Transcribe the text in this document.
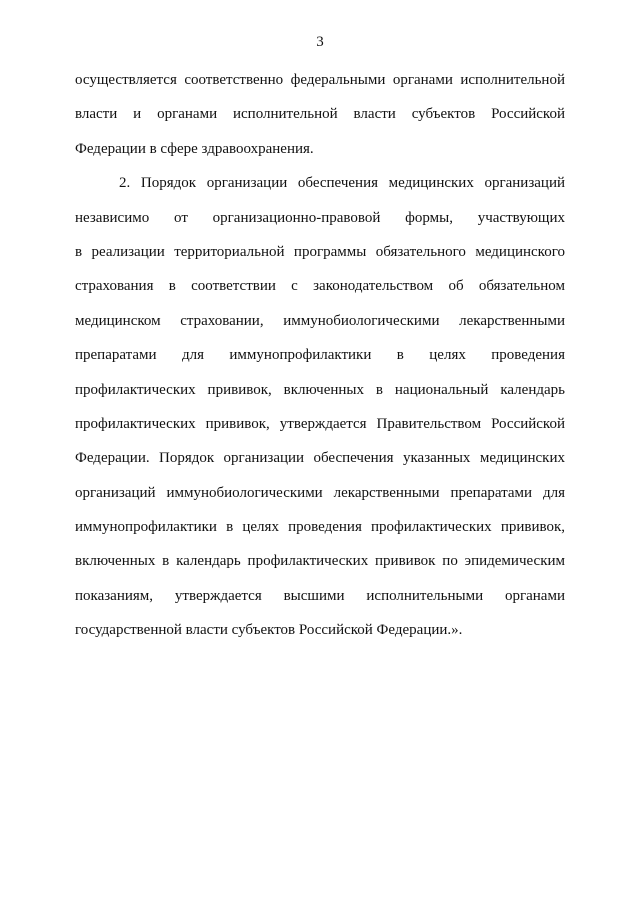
3
осуществляется соответственно федеральными органами исполнительной
власти и органами исполнительной власти субъектов Российской
Федерации в сфере здравоохранения.
2. Порядок организации обеспечения медицинских организаций
независимо от организационно-правовой формы, участвующих
в реализации территориальной программы обязательного медицинского
страхования в соответствии с законодательством об обязательном
медицинском страховании, иммунобиологическими лекарственными
препаратами для иммунопрофилактики в целях проведения
профилактических прививок, включенных в национальный календарь
профилактических прививок, утверждается Правительством Российской
Федерации. Порядок организации обеспечения указанных медицинских
организаций иммунобиологическими лекарственными препаратами для
иммунопрофилактики в целях проведения профилактических прививок,
включенных в календарь профилактических прививок по эпидемическим
показаниям, утверждается высшими исполнительными органами
государственной власти субъектов Российской Федерации.».
